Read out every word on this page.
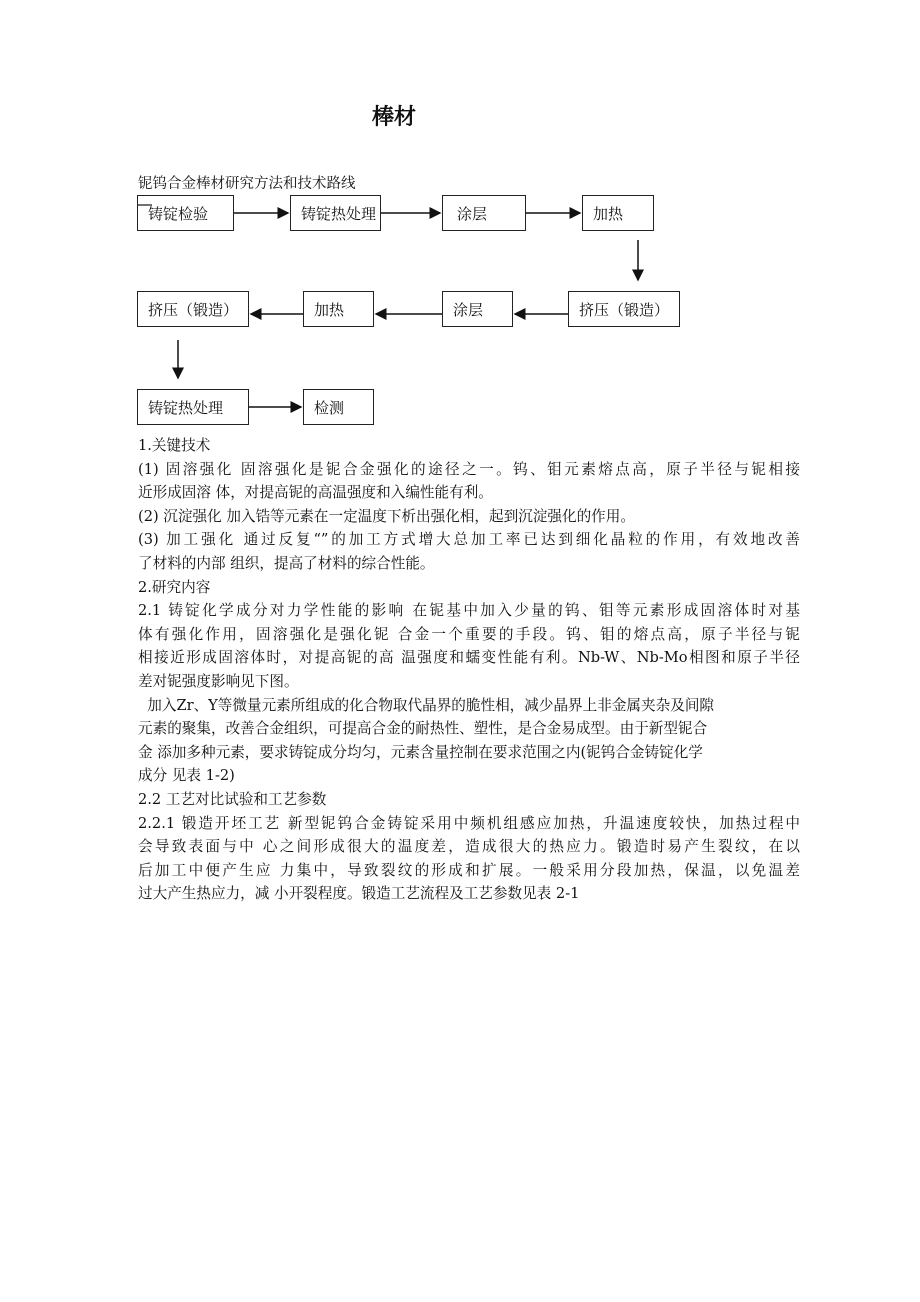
棒材
铌钨合金棒材研究方法和技术路线
铸锭检验	铸锭热处理	涂层	加热
挤压（锻造）	加热	涂层	挤压（锻造）
铸锭热处理	检测
1.关键技术
(1) 固溶强化 固溶强化是铌合金强化的途径之一。钨、钼元素熔点高，原子半径与铌相接
近形成固溶 体，对提高铌的高温强度和入编性能有利。
(2) 沉淀强化 加入锆等元素在一定温度下析出强化相，起到沉淀强化的作用。
(3) 加工强化 通过反复“”的加工方式增大总加工率已达到细化晶粒的作用，有效地改善
了材料的内部 组织，提高了材料的综合性能。
2.研究内容
2.1 铸锭化学成分对力学性能的影响 在铌基中加入少量的钨、钼等元素形成固溶体时对基
体有强化作用，固溶强化是强化铌 合金一个重要的手段。钨、钼的熔点高，原子半径与铌
相接近形成固溶体时，对提高铌的高 温强度和蠕变性能有利。Nb-W、Nb-Mo相图和原子半径
差对铌强度影响见下图。
加入Zr、Y等微量元素所组成的化合物取代晶界的脆性相，减少晶界上非金属夹杂及间隙
元素的聚集，改善合金组织，可提高合金的耐热性、塑性，是合金易成型。由于新型铌合
金 添加多种元素，要求铸锭成分均匀，元素含量控制在要求范围之内(铌钨合金铸锭化学
成分 见表 1-2)
2.2 工艺对比试验和工艺参数
2.2.1 锻造开坯工艺 新型铌钨合金铸锭采用中频机组感应加热，升温速度较快，加热过程中
会导致表面与中 心之间形成很大的温度差，造成很大的热应力。锻造时易产生裂纹，在以
后加工中便产生应 力集中，导致裂纹的形成和扩展。一般采用分段加热，保温，以免温差
过大产生热应力，减 小开裂程度。锻造工艺流程及工艺参数见表 2-1
